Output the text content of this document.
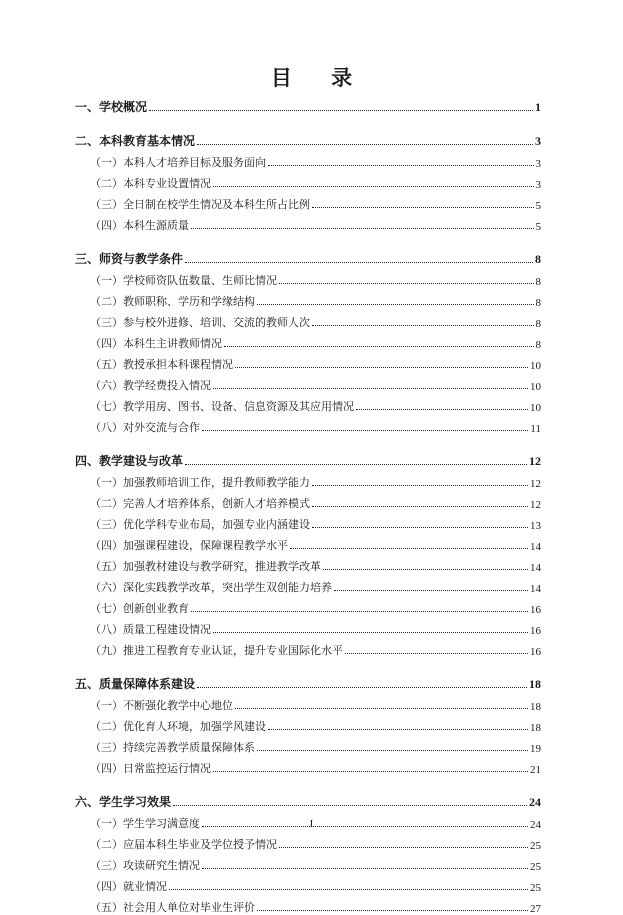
目 录
一、学校概况	1
二、本科教育基本情况	3
（一）本科人才培养目标及服务面向	3
（二）本科专业设置情况	3
（三）全日制在校学生情况及本科生所占比例	5
（四）本科生源质量	5
三、师资与教学条件	8
（一）学校师资队伍数量、生师比情况	8
（二）教师职称、学历和学缘结构	8
（三）参与校外进修、培训、交流的教师人次	8
（四）本科生主讲教师情况	8
（五）教授承担本科课程情况	10
（六）教学经费投入情况	10
（七）教学用房、图书、设备、信息资源及其应用情况	10
（八）对外交流与合作	11
四、教学建设与改革	12
（一）加强教师培训工作，提升教师教学能力	12
（二）完善人才培养体系，创新人才培养模式	12
（三）优化学科专业布局，加强专业内涵建设	13
（四）加强课程建设，保障课程教学水平	14
（五）加强教材建设与教学研究，推进教学改革	14
（六）深化实践教学改革，突出学生双创能力培养	14
（七）创新创业教育	16
（八）质量工程建设情况	16
（九）推进工程教育专业认证，提升专业国际化水平	16
五、质量保障体系建设	18
（一）不断强化教学中心地位	18
（二）优化育人环境，加强学风建设	18
（三）持续完善教学质量保障体系	19
（四）日常监控运行情况	21
六、学生学习效果	24
（一）学生学习满意度	24
（二）应届本科生毕业及学位授予情况	25
（三）攻读研究生情况	25
（四）就业情况	25
（五）社会用人单位对毕业生评价	27
I
